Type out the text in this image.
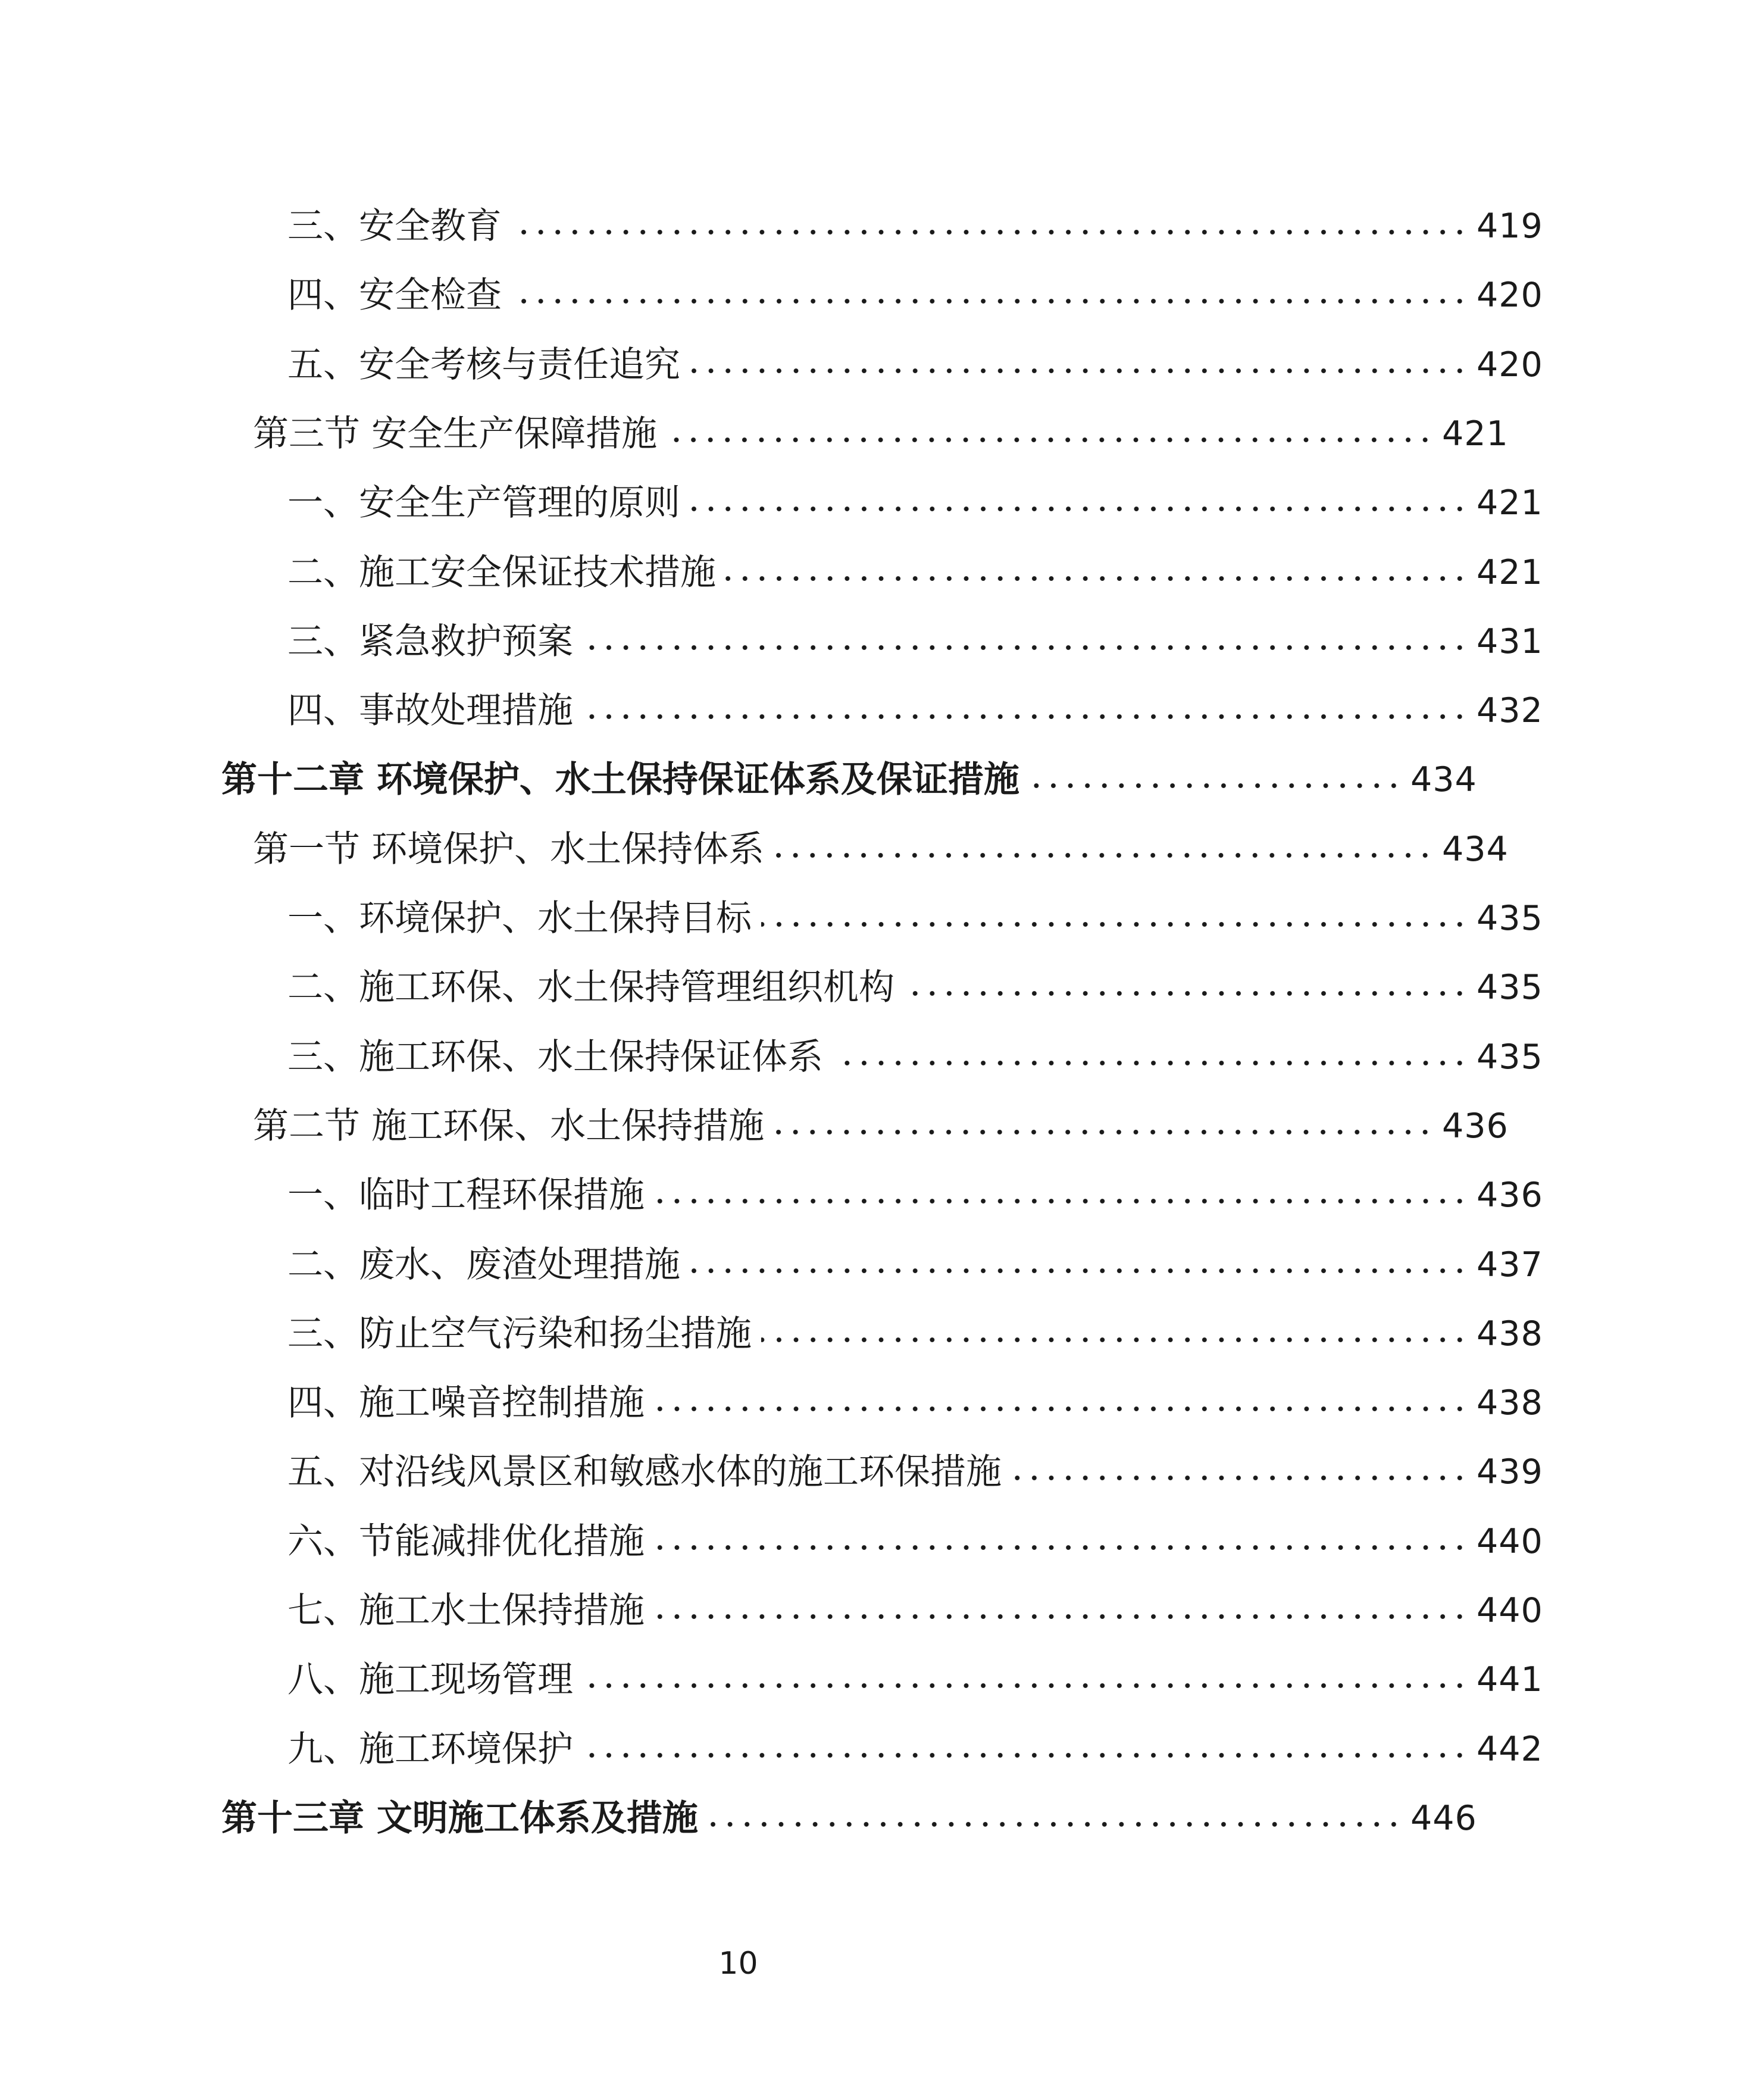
三、安全教育	419
四、安全检查	420
五、安全考核与责任追究	420
第三节 安全生产保障措施	421
一、安全生产管理的原则	421
二、施工安全保证技术措施	421
三、紧急救护预案	431
四、事故处理措施	432
第十二章 环境保护、水土保持保证体系及保证措施	434
第一节 环境保护、水土保持体系	434
一、环境保护、水土保持目标	435
二、施工环保、水土保持管理组织机构	435
三、施工环保、水土保持保证体系	435
第二节 施工环保、水土保持措施	436
一、临时工程环保措施	436
二、废水、废渣处理措施	437
三、防止空气污染和扬尘措施	438
四、施工噪音控制措施	438
五、对沿线风景区和敏感水体的施工环保措施	439
六、节能减排优化措施	440
七、施工水土保持措施	440
八、施工现场管理	441
九、施工环境保护	442
第十三章 文明施工体系及措施	446
10
